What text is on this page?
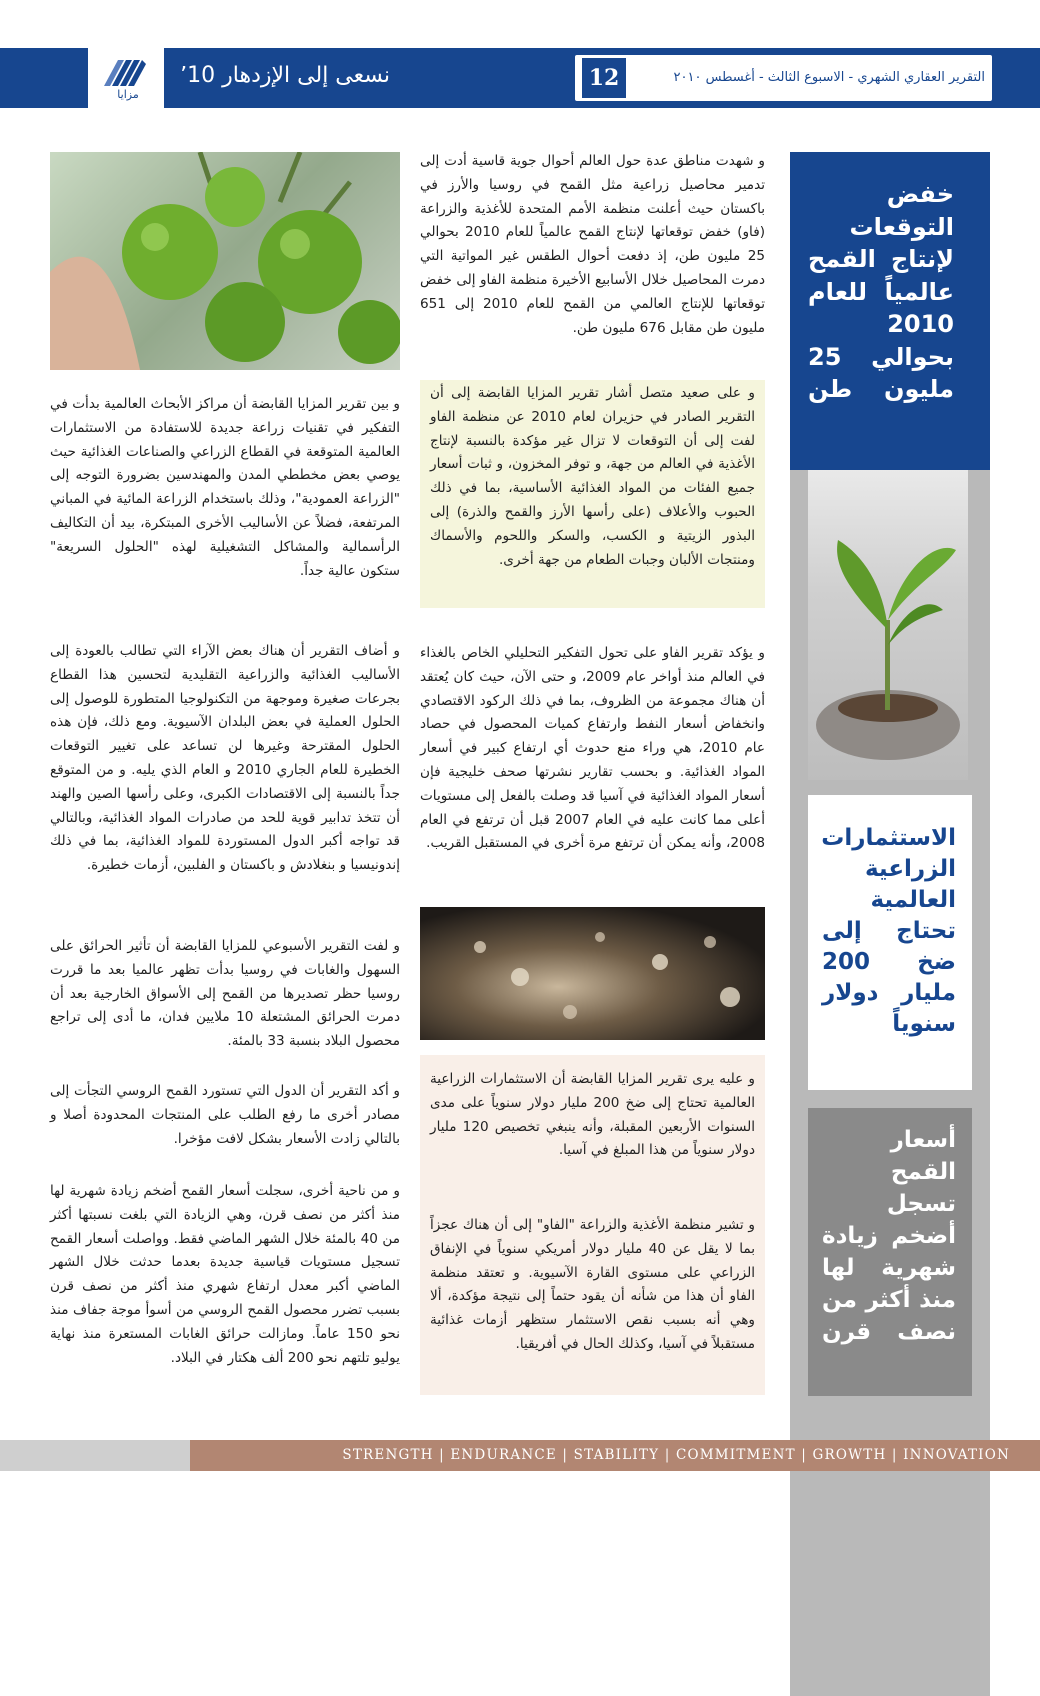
مزايا
نسعى إلى الإزدهار ٬10	12	التقرير العقاري الشهري - الاسبوع الثالث - أغسطس ٢٠١٠
خفض التوقعات لإنتاج القمح عالمياً للعام 2010 بحوالي 25 مليون طن
الاستثمارات الزراعية العالمية تحتاج إلى ضخ 200 مليار دولار سنوياً
أسعار القمح تسجل أضخم زيادة شهرية لها منذ أكثر من نصف قرن

و شهدت مناطق عدة حول العالم أحوال جوية قاسية أدت إلى تدمير محاصيل زراعية مثل القمح في روسيا والأرز في باكستان حيث أعلنت منظمة الأمم المتحدة للأغذية والزراعة (فاو) خفض توقعاتها لإنتاج القمح عالمياً للعام 2010 بحوالي 25 مليون طن، إذ دفعت أحوال الطقس غير المواتية التي دمرت المحاصيل خلال الأسابيع الأخيرة منظمة الفاو إلى خفض توقعاتها للإنتاج العالمي من القمح للعام 2010 إلى 651 مليون طن مقابل 676 مليون طن.

و على صعيد متصل أشار تقرير المزايا القابضة إلى أن التقرير الصادر في حزيران لعام 2010 عن منظمة الفاو لفت إلى أن التوقعات لا تزال غير مؤكدة بالنسبة لإنتاج الأغذية في العالم من جهة، و توفر المخزون، و ثبات أسعار جميع الفئات من المواد الغذائية الأساسية، بما في ذلك الحبوب والأعلاف (على رأسها الأرز والقمح والذرة) إلى البذور الزيتية و الكسب، والسكر واللحوم والأسماك ومنتجات الألبان وجبات الطعام من جهة أخرى.

و بين تقرير المزايا القابضة أن مراكز الأبحاث العالمية بدأت في التفكير في تقنيات زراعة جديدة للاستفادة من الاستثمارات العالمية المتوقعة في القطاع الزراعي والصناعات الغذائية حيث يوصي بعض مخططي المدن والمهندسين بضرورة التوجه إلى "الزراعة العمودية"، وذلك باستخدام الزراعة المائية في المباني المرتفعة، فضلاً عن الأساليب الأخرى المبتكرة، بيد أن التكاليف الرأسمالية والمشاكل التشغيلية لهذه "الحلول السريعة" ستكون عالية جداً.

و يؤكد تقرير الفاو على تحول التفكير التحليلي الخاص بالغذاء في العالم منذ أواخر عام 2009، و حتى الآن، حيث كان يُعتقد أن هناك مجموعة من الظروف، بما في ذلك الركود الاقتصادي وانخفاض أسعار النفط وارتفاع كميات المحصول في حصاد عام 2010، هي وراء منع حدوث أي ارتفاع كبير في أسعار المواد الغذائية. و بحسب تقارير نشرتها صحف خليجية فإن أسعار المواد الغذائية في آسيا قد وصلت بالفعل إلى مستويات أعلى مما كانت عليه في العام 2007 قبل أن ترتفع في العام 2008، وأنه يمكن أن ترتفع مرة أخرى في المستقبل القريب.

و أضاف التقرير أن هناك بعض الآراء التي تطالب بالعودة إلى الأساليب الغذائية والزراعية التقليدية لتحسين هذا القطاع بجرعات صغيرة وموجهة من التكنولوجيا المتطورة للوصول إلى الحلول العملية في بعض البلدان الآسيوية. ومع ذلك، فإن هذه الحلول المقترحة وغيرها لن تساعد على تغيير التوقعات الخطيرة للعام الجاري 2010 و العام الذي يليه. و من المتوقع جداً بالنسبة إلى الاقتصادات الكبرى، وعلى رأسها الصين والهند أن تتخذ تدابير قوية للحد من صادرات المواد الغذائية، وبالتالي قد تواجه أكبر الدول المستوردة للمواد الغذائية، بما في ذلك إندونيسيا و بنغلادش و باكستان و الفلبين، أزمات خطيرة.

و لفت التقرير الأسبوعي للمزايا القابضة أن تأثير الحرائق على السهول والغابات في روسيا بدأت تظهر عالميا بعد ما قررت روسيا حظر تصديرها من القمح إلى الأسواق الخارجية بعد أن دمرت الحرائق المشتعلة 10 ملايين فدان، ما أدى إلى تراجع محصول البلاد بنسبة 33 بالمئة.

و أكد التقرير أن الدول التي تستورد القمح الروسي التجأت إلى مصادر أخرى ما رفع الطلب على المنتجات المحدودة أصلا و بالتالي زادت الأسعار بشكل لافت مؤخرا.

و من ناحية أخرى، سجلت أسعار القمح أضخم زيادة شهرية لها منذ أكثر من نصف قرن، وهي الزيادة التي بلغت نسبتها أكثر من 40 بالمئة خلال الشهر الماضي فقط. وواصلت أسعار القمح تسجيل مستويات قياسية جديدة بعدما حدثت خلال الشهر الماضي أكبر معدل ارتفاع شهري منذ أكثر من نصف قرن بسبب تضرر محصول القمح الروسي من أسوأ موجة جفاف منذ نحو 150 عاماً. ومازالت حرائق الغابات المستعرة منذ نهاية يوليو تلتهم نحو 200 ألف هكتار في البلاد.

و عليه يرى تقرير المزايا القابضة أن الاستثمارات الزراعية العالمية تحتاج إلى ضخ 200 مليار دولار سنوياً على مدى السنوات الأربعين المقبلة، وأنه ينبغي تخصيص 120 مليار دولار سنوياً من هذا المبلغ في آسيا.

و تشير منظمة الأغذية والزراعة "الفاو" إلى أن هناك عجزاً بما لا يقل عن 40 مليار دولار أمريكي سنوياً في الإنفاق الزراعي على مستوى القارة الآسيوية. و تعتقد منظمة الفاو أن هذا من شأنه أن يقود حتماً إلى نتيجة مؤكدة، ألا وهي أنه بسبب نقص الاستثمار ستظهر أزمات غذائية مستقبلاً في آسيا، وكذلك الحال في أفريقيا.

STRENGTH | ENDURANCE | STABILITY | COMMITMENT | GROWTH | INNOVATION
